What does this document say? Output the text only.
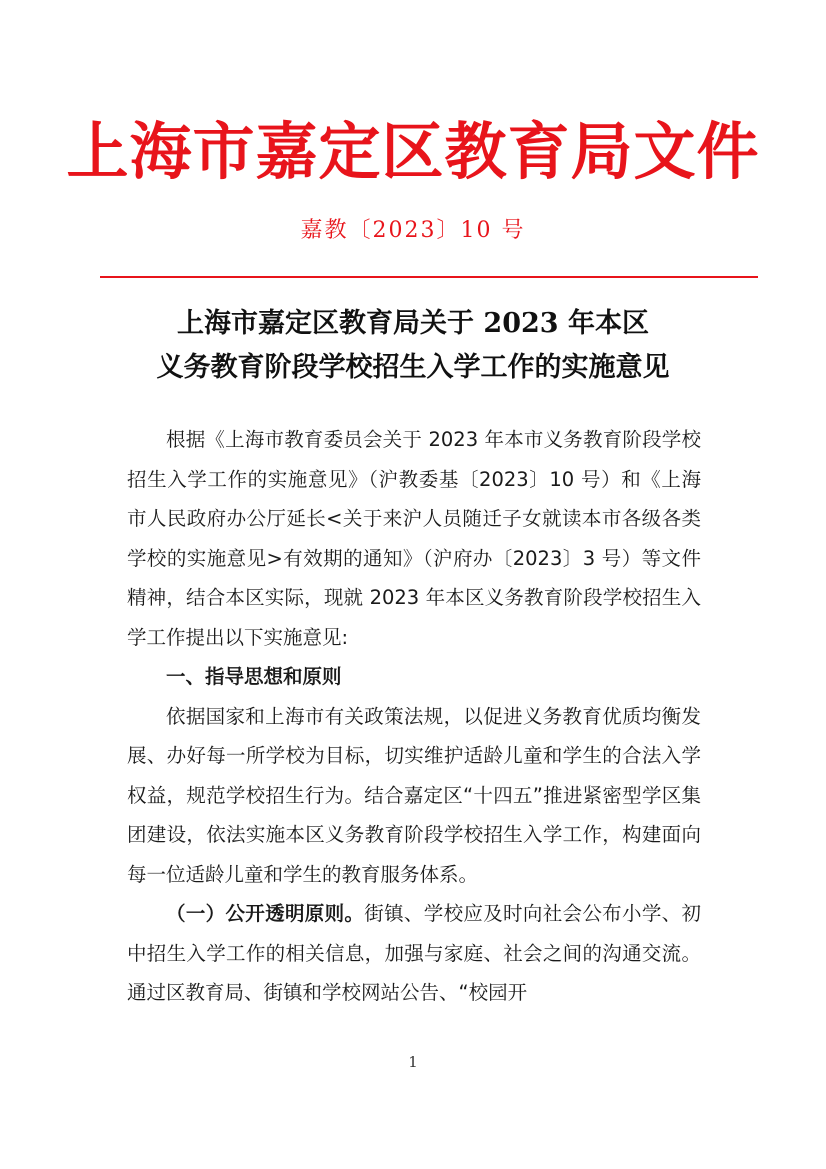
上海市嘉定区教育局文件
嘉教〔2023〕10 号
上海市嘉定区教育局关于 2023 年本区
义务教育阶段学校招生入学工作的实施意见

根据《上海市教育委员会关于 2023 年本市义务教育阶段学校招生入学工作的实施意见》（沪教委基〔2023〕10 号）和《上海市人民政府办公厅延长<关于来沪人员随迁子女就读本市各级各类学校的实施意见>有效期的通知》（沪府办〔2023〕3 号）等文件精神，结合本区实际，现就 2023 年本区义务教育阶段学校招生入学工作提出以下实施意见:

一、指导思想和原则

依据国家和上海市有关政策法规，以促进义务教育优质均衡发展、办好每一所学校为目标，切实维护适龄儿童和学生的合法入学权益，规范学校招生行为。结合嘉定区“十四五”推进紧密型学区集团建设，依法实施本区义务教育阶段学校招生入学工作，构建面向每一位适龄儿童和学生的教育服务体系。

（一）公开透明原则。街镇、学校应及时向社会公布小学、初中招生入学工作的相关信息，加强与家庭、社会之间的沟通交流。通过区教育局、街镇和学校网站公告、“校园开

1
